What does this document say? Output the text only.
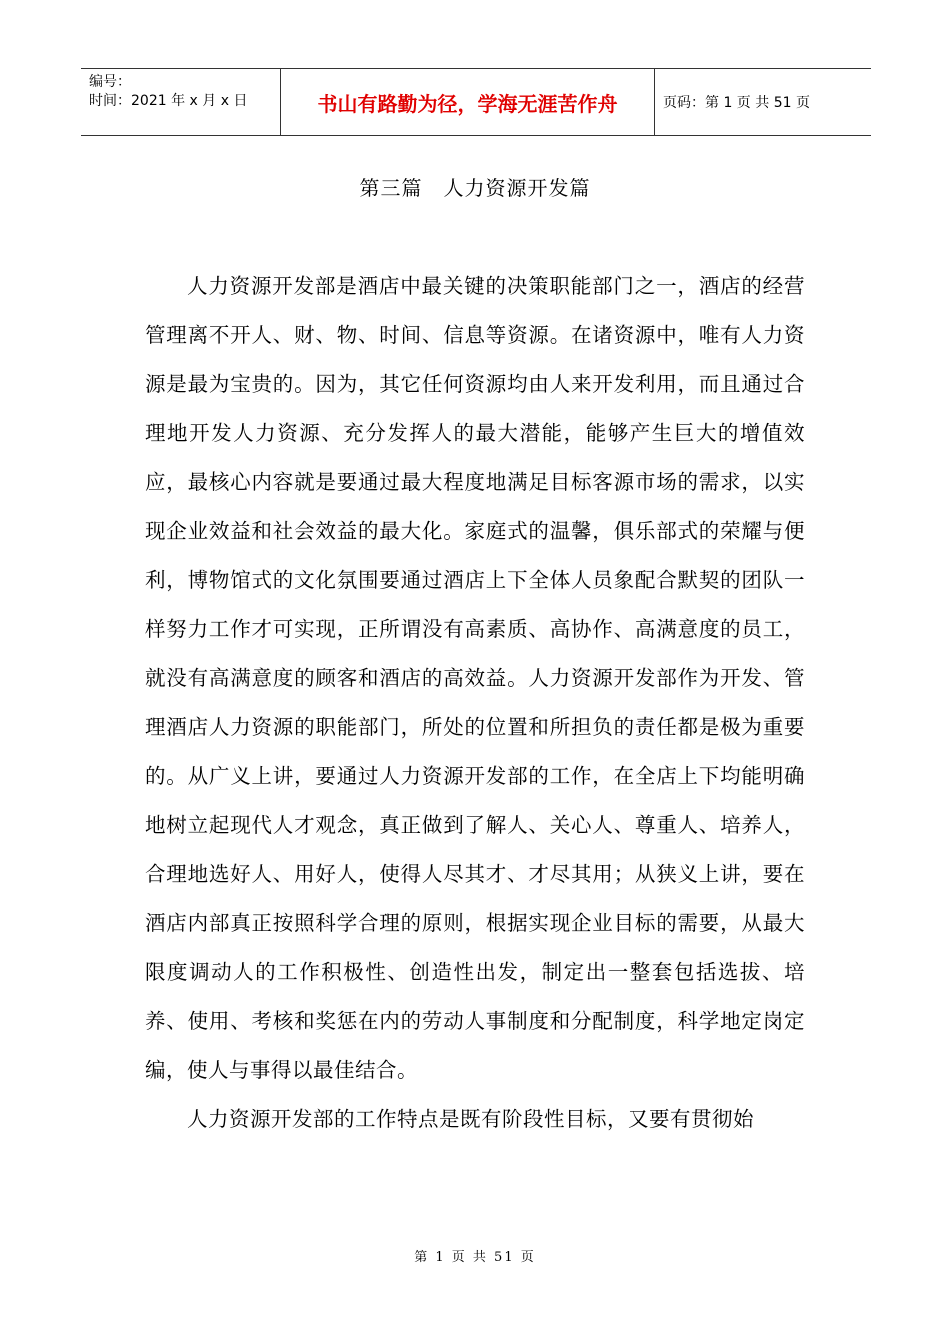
编号：
时间：2021 年 x 月 x 日	书山有路勤为径，学海无涯苦作舟	页码：第 1 页 共 51 页
第三篇　人力资源开发篇

人力资源开发部是酒店中最关键的决策职能部门之一，酒店的经营管理离不开人、财、物、时间、信息等资源。在诸资源中，唯有人力资源是最为宝贵的。因为，其它任何资源均由人来开发利用，而且通过合理地开发人力资源、充分发挥人的最大潜能，能够产生巨大的增值效应，最核心内容就是要通过最大程度地满足目标客源市场的需求，以实现企业效益和社会效益的最大化。家庭式的温馨，俱乐部式的荣耀与便利，博物馆式的文化氛围要通过酒店上下全体人员象配合默契的团队一样努力工作才可实现，正所谓没有高素质、高协作、高满意度的员工，就没有高满意度的顾客和酒店的高效益。人力资源开发部作为开发、管理酒店人力资源的职能部门，所处的位置和所担负的责任都是极为重要的。从广义上讲，要通过人力资源开发部的工作，在全店上下均能明确地树立起现代人才观念，真正做到了解人、关心人、尊重人、培养人，合理地选好人、用好人，使得人尽其才、才尽其用；从狭义上讲，要在酒店内部真正按照科学合理的原则，根据实现企业目标的需要，从最大限度调动人的工作积极性、创造性出发，制定出一整套包括选拔、培养、使用、考核和奖惩在内的劳动人事制度和分配制度，科学地定岗定编，使人与事得以最佳结合。

人力资源开发部的工作特点是既有阶段性目标，又要有贯彻始

第 1 页 共 51 页
